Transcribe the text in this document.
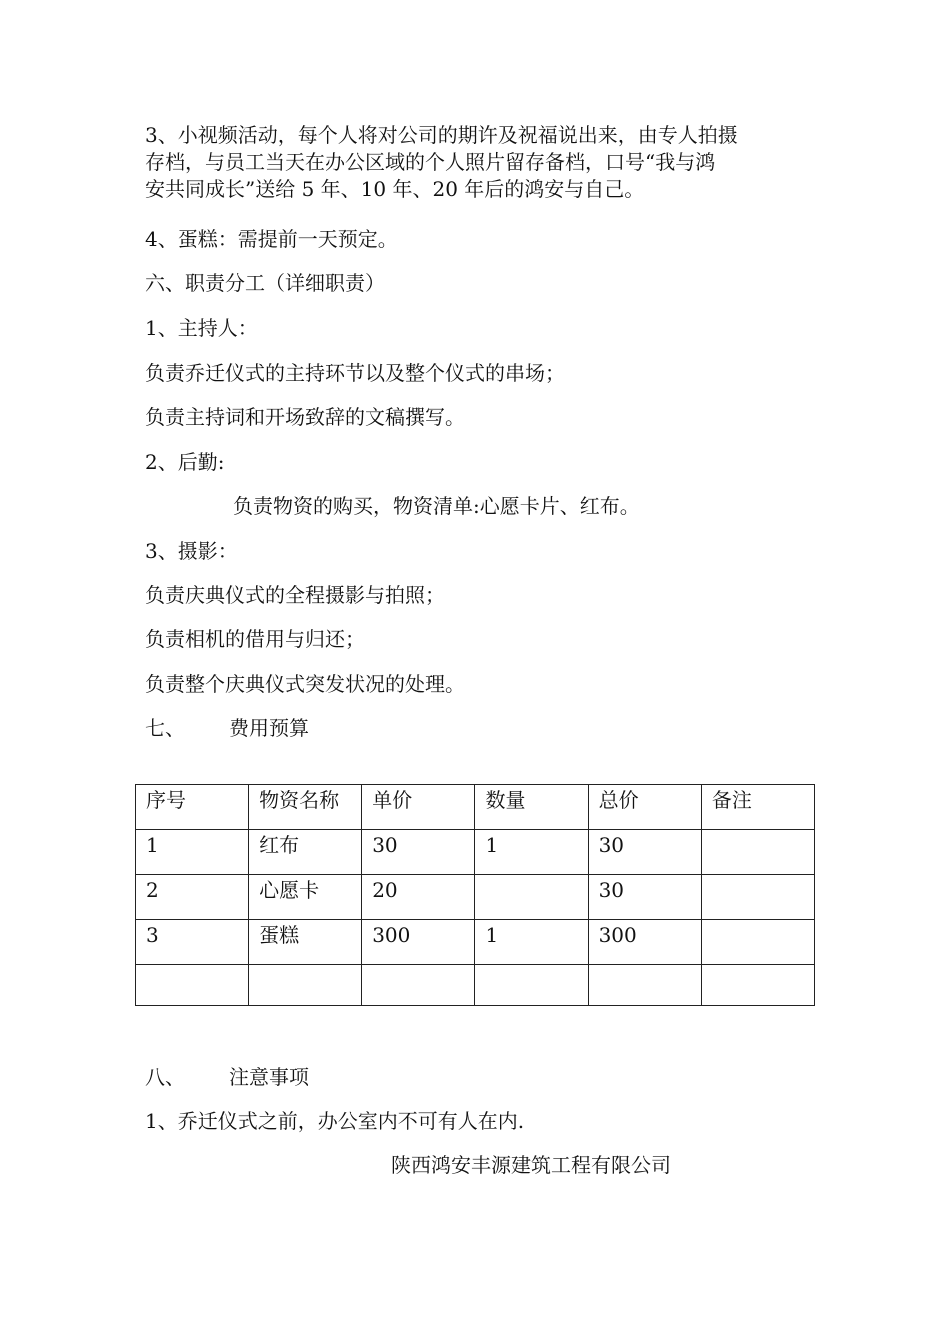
3、小视频活动，每个人将对公司的期许及祝福说出来，由专人拍摄
存档，与员工当天在办公区域的个人照片留存备档，口号“我与鸿
安共同成长”送给 5 年、10 年、20 年后的鸿安与自己。

4、蛋糕：需提前一天预定。

六、职责分工（详细职责）

1、主持人：

负责乔迁仪式的主持环节以及整个仪式的串场；

负责主持词和开场致辞的文稿撰写。

2、后勤:

负责物资的购买，物资清单:心愿卡片、红布。

3、摄影：

负责庆典仪式的全程摄影与拍照；

负责相机的借用与归还；

负责整个庆典仪式突发状况的处理。

七、 费用预算

序号	物资名称	单价	数量	总价	备注
1	红布	30	1	30	
2	心愿卡	20		30	
3	蛋糕	300	1	300	

八、 注意事项

1、乔迁仪式之前，办公室内不可有人在内.

陕西鸿安丰源建筑工程有限公司
